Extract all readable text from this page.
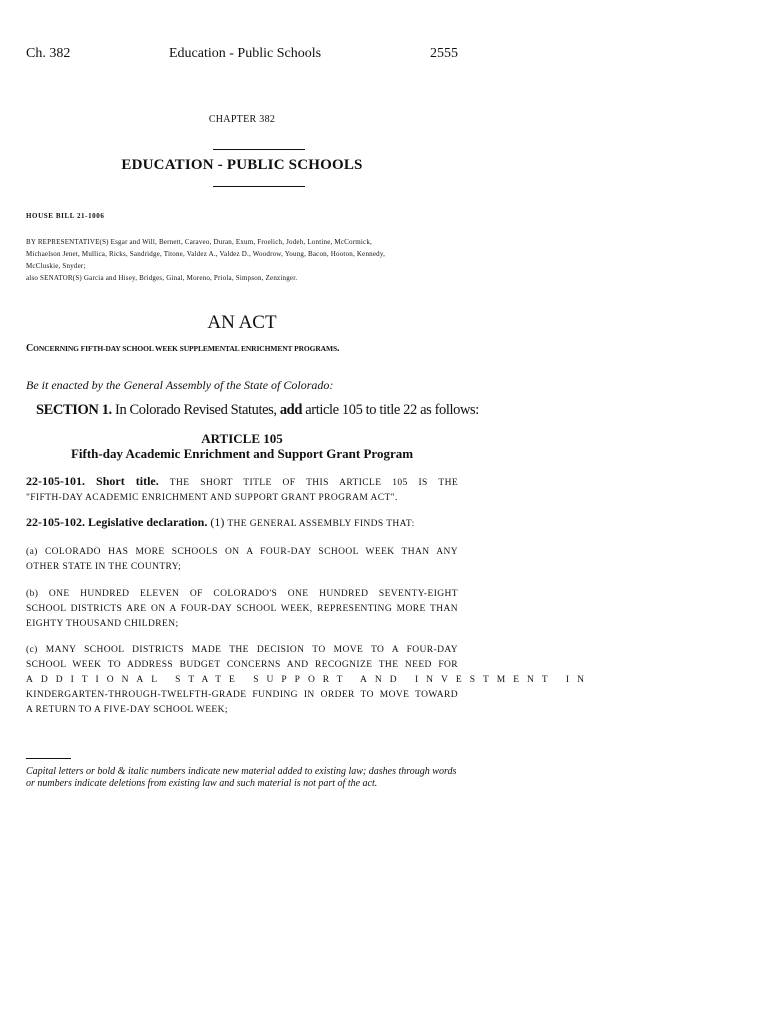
Ch. 382	Education - Public Schools	2555
CHAPTER 382
EDUCATION - PUBLIC SCHOOLS
HOUSE BILL 21-1006
BY REPRESENTATIVE(S) Esgar and Will, Bernett, Caraveo, Duran, Exum, Froelich, Jodeh, Lontine, McCormick,
Michaelson Jenet, Mullica, Ricks, Sandridge, Titone, Valdez A., Valdez D., Woodrow, Young, Bacon, Hooton, Kennedy,
McCluskie, Snyder;
also SENATOR(S) Garcia and Hisey, Bridges, Ginal, Moreno, Priola, Simpson, Zenzinger.
AN ACT
CONCERNING FIFTH-DAY SCHOOL WEEK SUPPLEMENTAL ENRICHMENT PROGRAMS.
Be it enacted by the General Assembly of the State of Colorado:
SECTION 1. In Colorado Revised Statutes, add article 105 to title 22 as follows:
ARTICLE 105
Fifth-day Academic Enrichment and Support Grant Program
22-105-101. Short title. THE SHORT TITLE OF THIS ARTICLE 105 IS THE
"FIFTH-DAY ACADEMIC ENRICHMENT AND SUPPORT GRANT PROGRAM ACT".
22-105-102. Legislative declaration. (1) THE GENERAL ASSEMBLY FINDS THAT:
(a) COLORADO HAS MORE SCHOOLS ON A FOUR-DAY SCHOOL WEEK THAN ANY
OTHER STATE IN THE COUNTRY;
(b) ONE HUNDRED ELEVEN OF COLORADO'S ONE HUNDRED SEVENTY-EIGHT
SCHOOL DISTRICTS ARE ON A FOUR-DAY SCHOOL WEEK, REPRESENTING MORE THAN
EIGHTY THOUSAND CHILDREN;
(c) MANY SCHOOL DISTRICTS MADE THE DECISION TO MOVE TO A FOUR-DAY
SCHOOL WEEK TO ADDRESS BUDGET CONCERNS AND RECOGNIZE THE NEED FOR
ADDITIONAL STATE SUPPORT AND INVESTMENT IN
KINDERGARTEN-THROUGH-TWELFTH-GRADE FUNDING IN ORDER TO MOVE TOWARD
A RETURN TO A FIVE-DAY SCHOOL WEEK;
Capital letters or bold & italic numbers indicate new material added to existing law; dashes through words or numbers indicate deletions from existing law and such material is not part of the act.
